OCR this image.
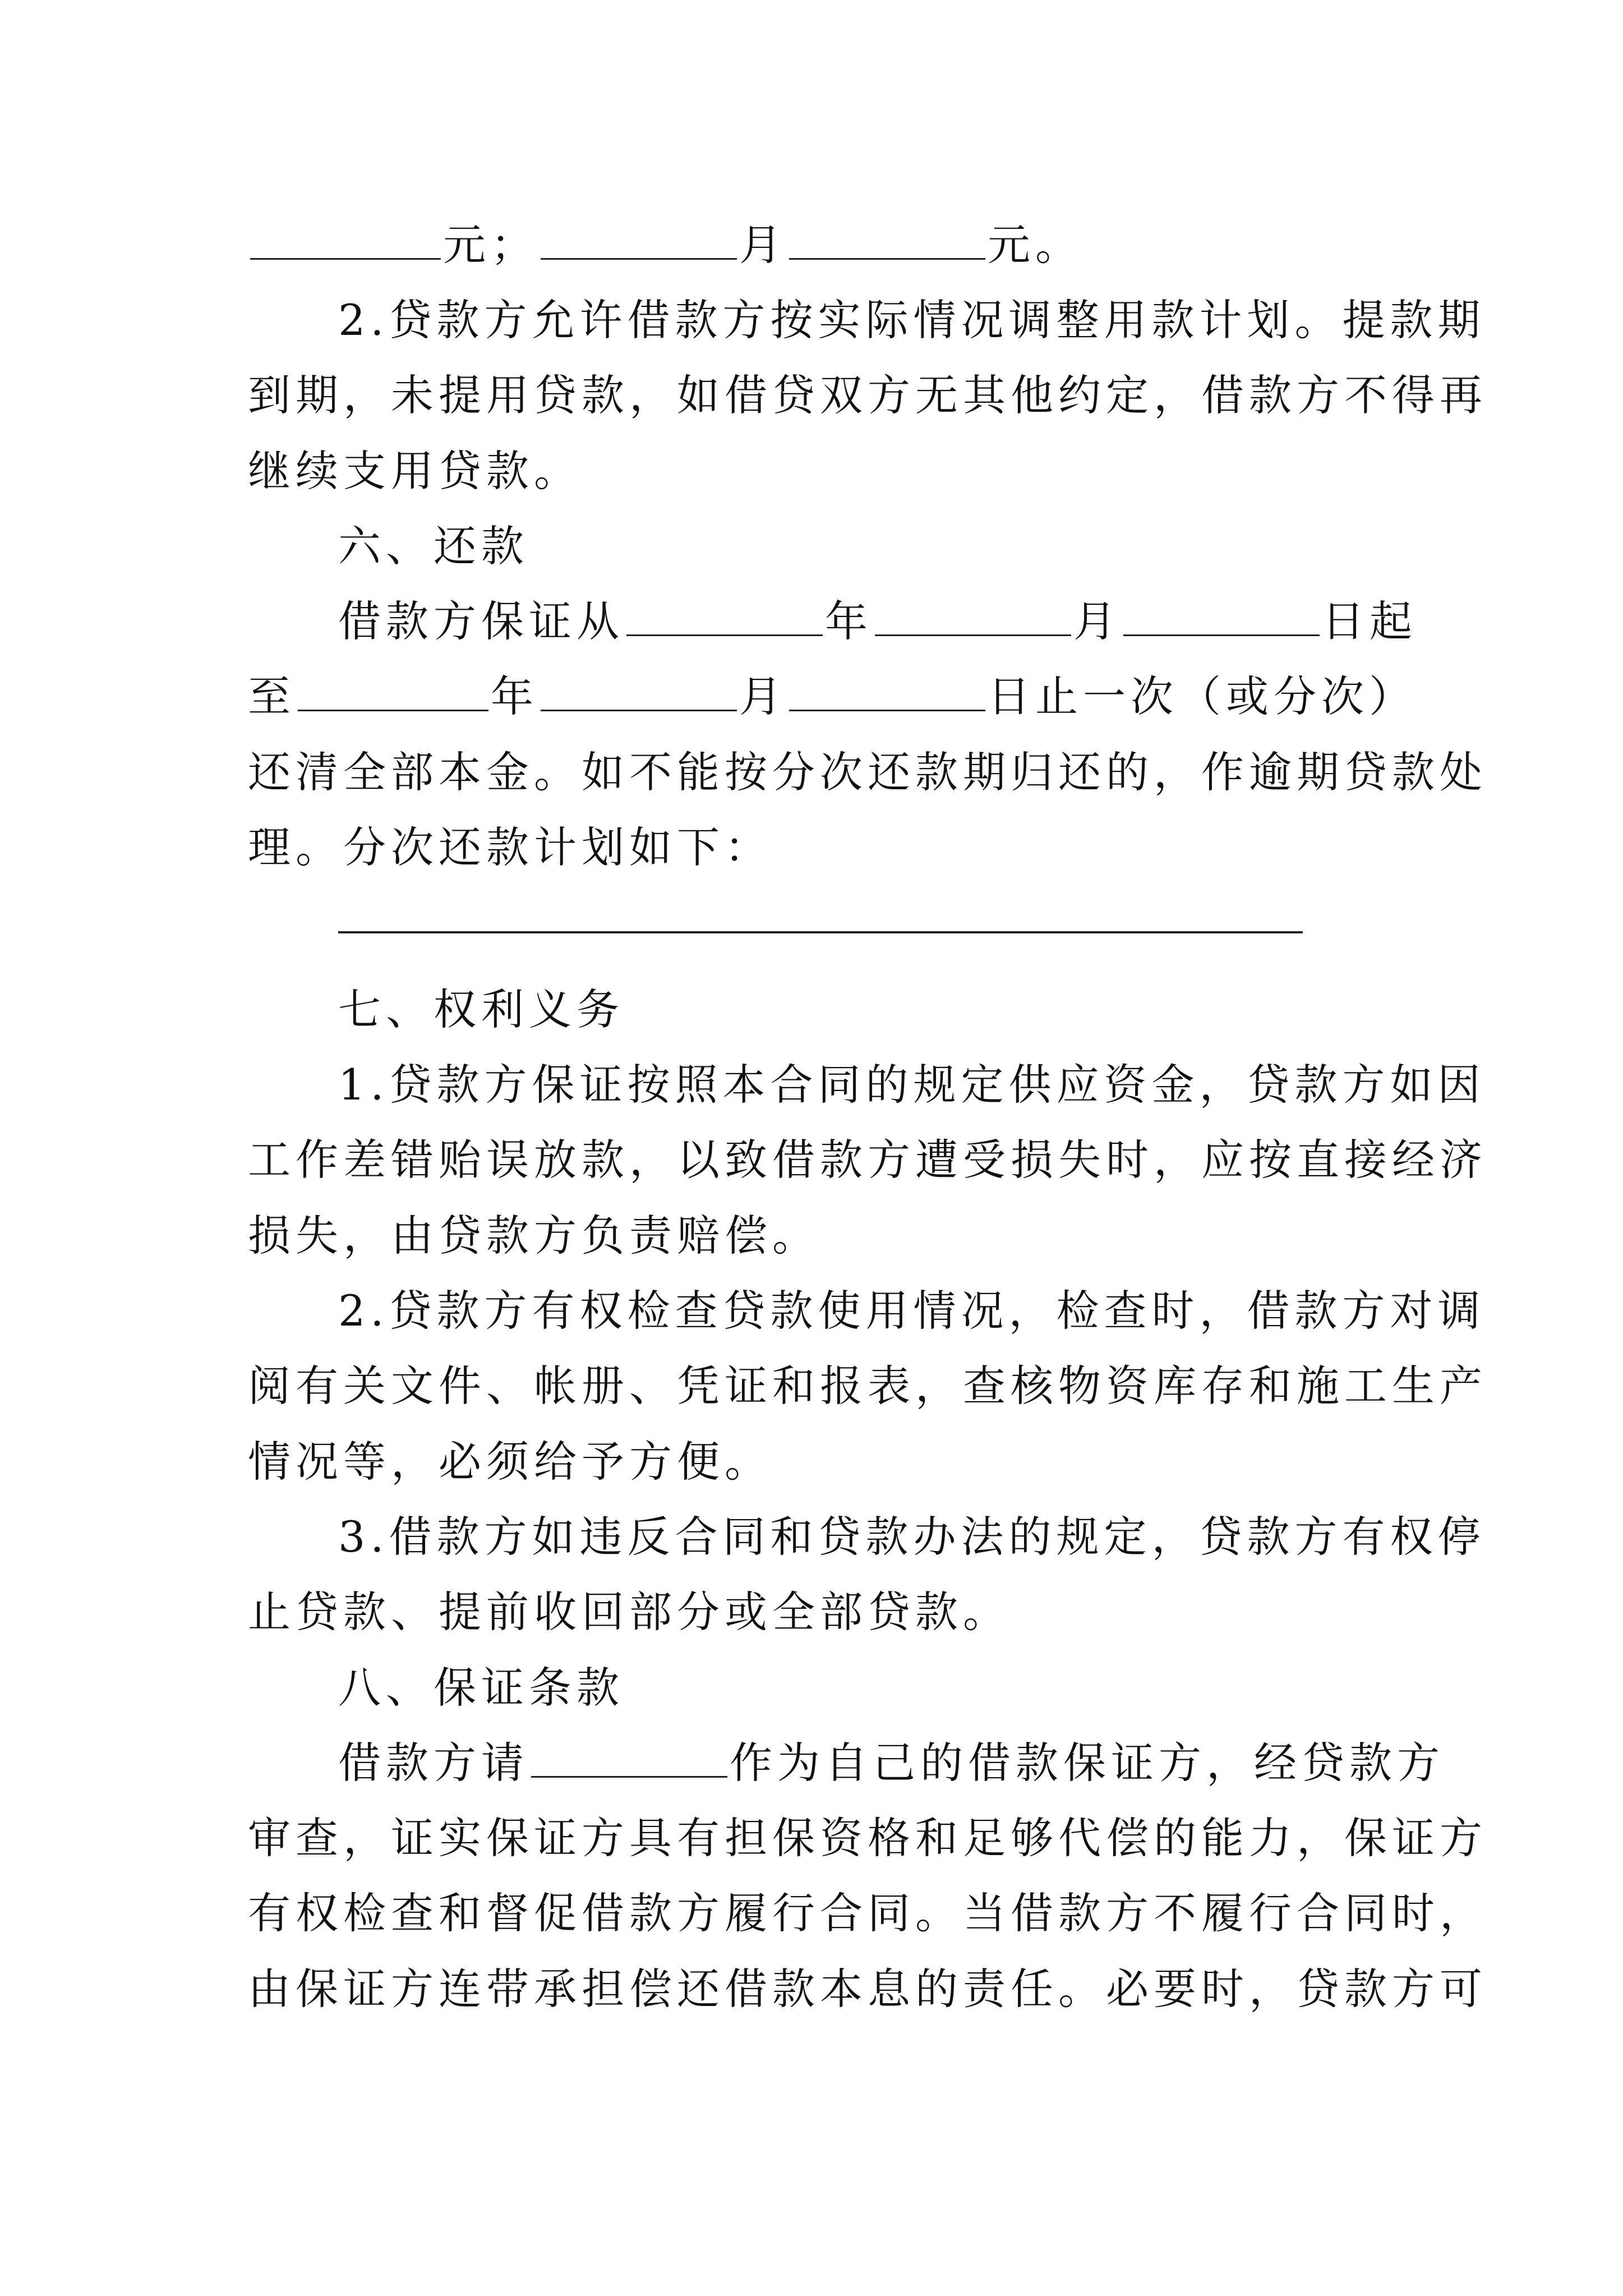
元；	月	元。
2.贷款方允许借款方按实际情况调整用款计划。提款期
到期，未提用贷款，如借贷双方无其他约定，借款方不得再
继续支用贷款。
六、还款
借款方保证从	年	月	日起
至	年	月	日止一次（或分次）
还清全部本金。如不能按分次还款期归还的，作逾期贷款处
理。分次还款计划如下：
七、权利义务
1.贷款方保证按照本合同的规定供应资金，贷款方如因
工作差错贻误放款，以致借款方遭受损失时，应按直接经济
损失，由贷款方负责赔偿。
2.贷款方有权检查贷款使用情况，检查时，借款方对调
阅有关文件、帐册、凭证和报表，查核物资库存和施工生产
情况等，必须给予方便。
3.借款方如违反合同和贷款办法的规定，贷款方有权停
止贷款、提前收回部分或全部贷款。
八、保证条款
借款方请	作为自己的借款保证方，经贷款方
审查，证实保证方具有担保资格和足够代偿的能力，保证方
有权检查和督促借款方履行合同。当借款方不履行合同时，
由保证方连带承担偿还借款本息的责任。必要时，贷款方可
